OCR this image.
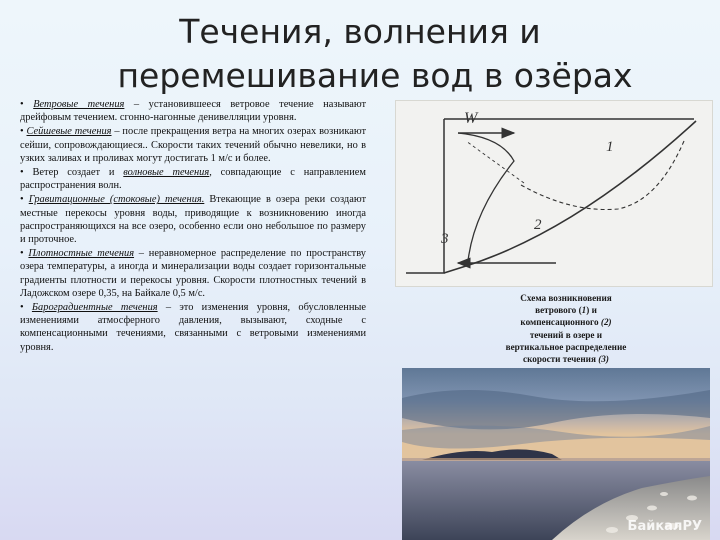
Течения, волнения и
перемешивание вод в озёрах

• Ветровые течения – установившееся ветровое течение называют дрейфовым течением. сгонно-нагонные денивелляции уровня.

• Сейшевые течения – после прекращения ветра на многих озерах возникают сейши, сопровождающиеся.. Скорости таких течений обычно невелики, но в узких заливах и проливах могут достигать 1 м/с и более.

• Ветер создает и волновые течения, совпадающие с направлением распространения волн.

• Гравитационные (стоковые) течения. Втекающие в озера реки создают местные перекосы уровня воды, приводящие к возникновению иногда распространяющихся на все озеро, особенно если оно небольшое по размеру и проточное.

• Плотностные течения – неравномерное распределение по пространству озера температуры, а иногда и минерализации воды создает горизонтальные градиенты плотности и перекосы уровня. Скорости плотностных течений в Ладожском озере 0,35, на Байкале 0,5 м/с.

• Бароградиентные течения – это изменения уровня, обусловленные изменениями атмосферного давления, вызывают, сходные с компенсационными течениями, связанными с ветровыми изменениями уровня.

W
3
2
1
Схема возникновения
ветрового (1) и
компенсационного (2)
течений в озере и
вертикальное распределение
скорости течения (3)
БайкалРУ
